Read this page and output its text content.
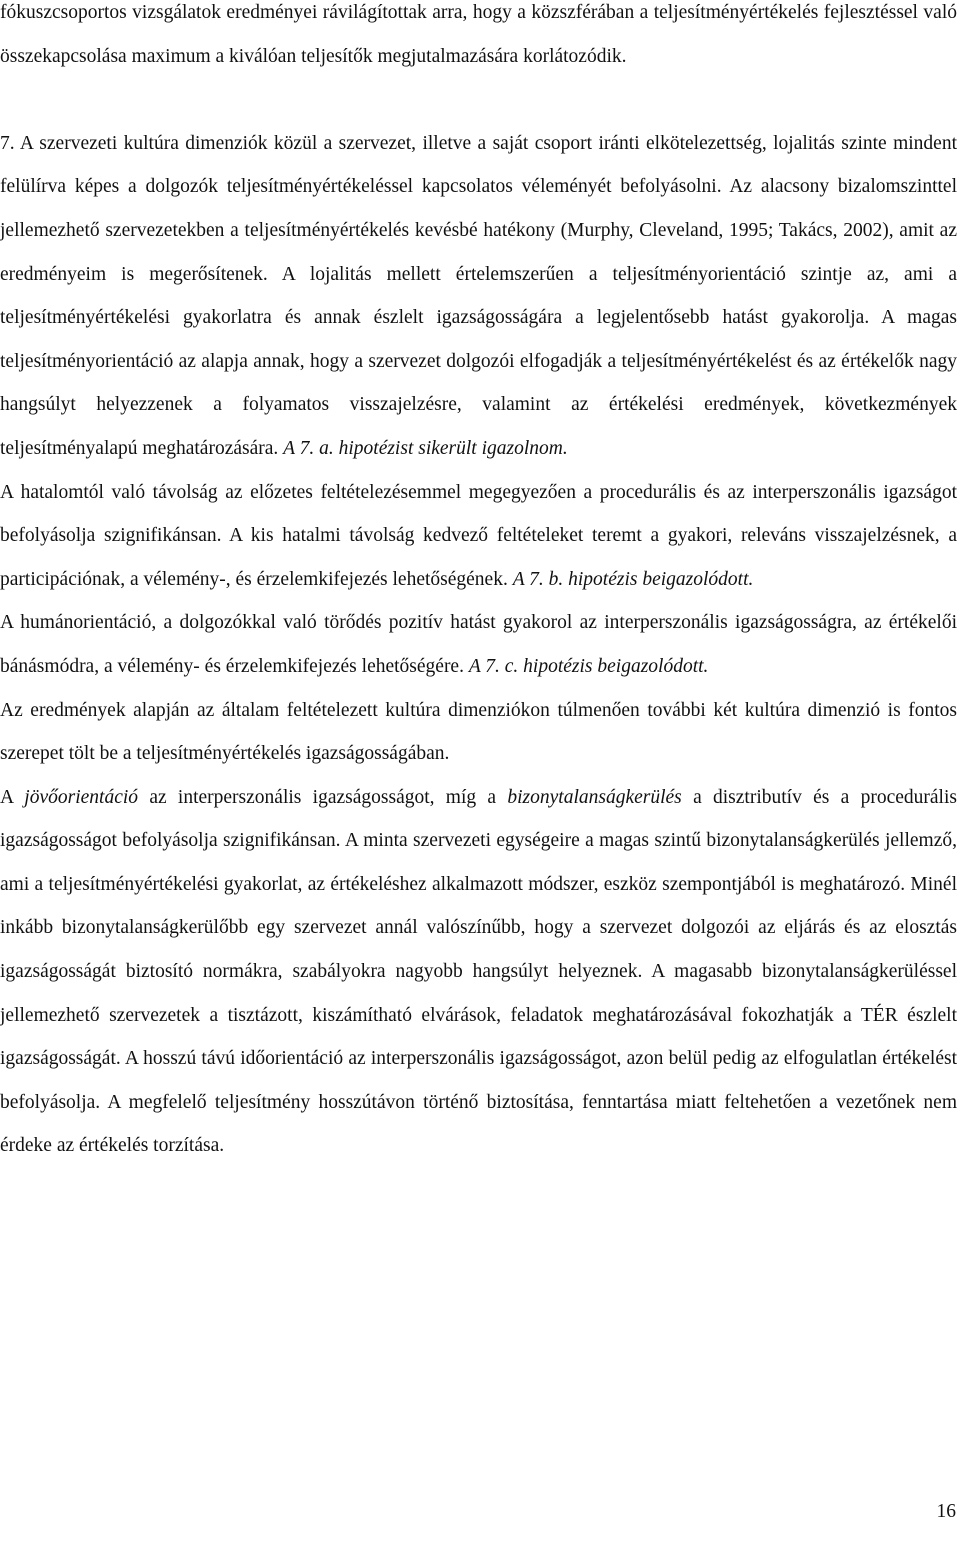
fókuszcsoportos vizsgálatok eredményei rávilágítottak arra, hogy a közszférában a teljesítményértékelés fejlesztéssel való összekapcsolása maximum a kiválóan teljesítők megjutalmazására korlátozódik.

7. A szervezeti kultúra dimenziók közül a szervezet, illetve a saját csoport iránti elkötelezettség, lojalitás szinte mindent felülírva képes a dolgozók teljesítményértékeléssel kapcsolatos véleményét befolyásolni. Az alacsony bizalomszinttel jellemezhető szervezetekben a teljesítményértékelés kevésbé hatékony (Murphy, Cleveland, 1995; Takács, 2002), amit az eredményeim is megerősítenek. A lojalitás mellett értelemszerűen a teljesítményorientáció szintje az, ami a teljesítményértékelési gyakorlatra és annak észlelt igazságosságára a legjelentősebb hatást gyakorolja. A magas teljesítményorientáció az alapja annak, hogy a szervezet dolgozói elfogadják a teljesítményértékelést és az értékelők nagy hangsúlyt helyezzenek a folyamatos visszajelzésre, valamint az értékelési eredmények, következmények teljesítményalapú meghatározására. A 7. a. hipotézist sikerült igazolnom.

A hatalomtól való távolság az előzetes feltételezésemmel megegyezően a procedurális és az interperszonális igazságot befolyásolja szignifikánsan. A kis hatalmi távolság kedvező feltételeket teremt a gyakori, releváns visszajelzésnek, a participációnak, a vélemény-, és érzelemkifejezés lehetőségének. A 7. b. hipotézis beigazolódott.

A humánorientáció, a dolgozókkal való törődés pozitív hatást gyakorol az interperszonális igazságosságra, az értékelői bánásmódra, a vélemény- és érzelemkifejezés lehetőségére. A 7. c. hipotézis beigazolódott.

Az eredmények alapján az általam feltételezett kultúra dimenziókon túlmenően további két kultúra dimenzió is fontos szerepet tölt be a teljesítményértékelés igazságosságában.

A jövőorientáció az interperszonális igazságosságot, míg a bizonytalanságkerülés a disztributív és a procedurális igazságosságot befolyásolja szignifikánsan. A minta szervezeti egységeire a magas szintű bizonytalanságkerülés jellemző, ami a teljesítményértékelési gyakorlat, az értékeléshez alkalmazott módszer, eszköz szempontjából is meghatározó. Minél inkább bizonytalanságkerülőbb egy szervezet annál valószínűbb, hogy a szervezet dolgozói az eljárás és az elosztás igazságosságát biztosító normákra, szabályokra nagyobb hangsúlyt helyeznek. A magasabb bizonytalanságkerüléssel jellemezhető szervezetek a tisztázott, kiszámítható elvárások, feladatok meghatározásával fokozhatják a TÉR észlelt igazságosságát. A hosszú távú időorientáció az interperszonális igazságosságot, azon belül pedig az elfogulatlan értékelést befolyásolja. A megfelelő teljesítmény hosszútávon történő biztosítása, fenntartása miatt feltehetően a vezetőnek nem érdeke az értékelés torzítása.

16
